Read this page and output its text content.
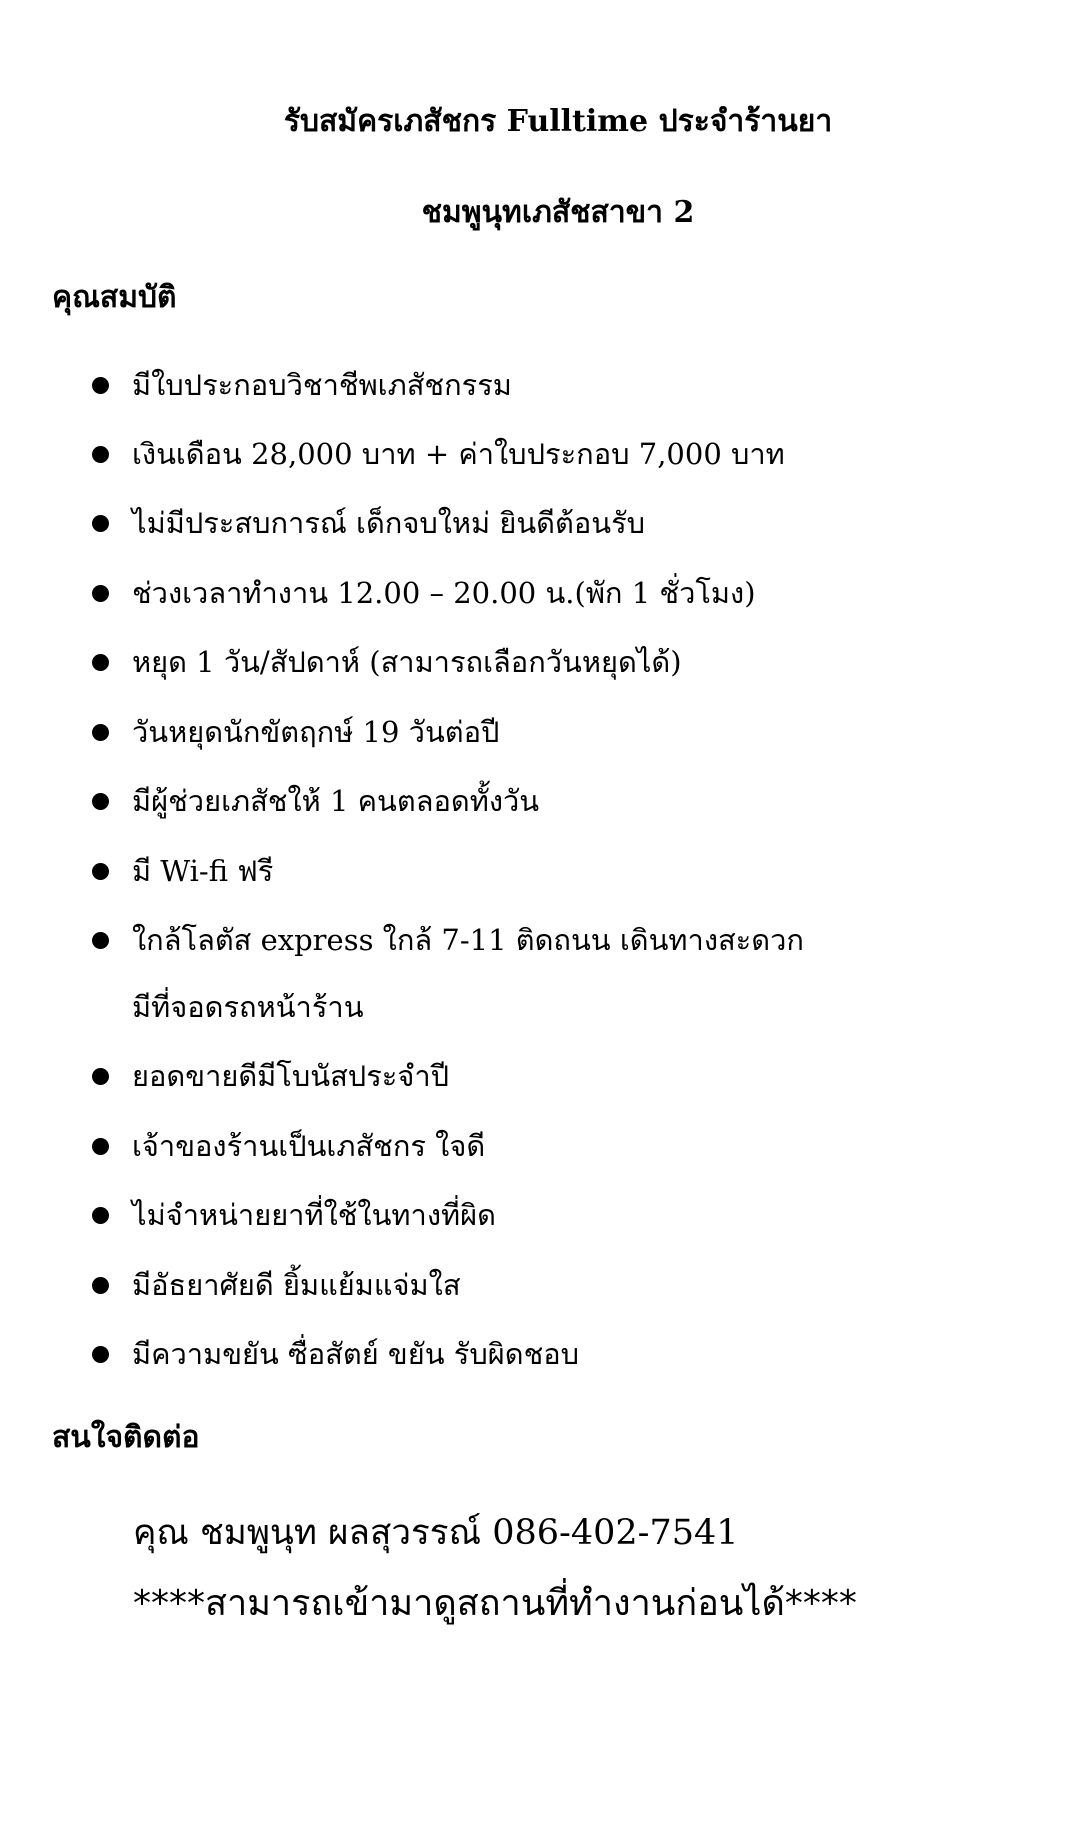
รับสมัครเภสัชกร Fulltime ประจำร้านยา
ชมพูนุทเภสัชสาขา 2
คุณสมบัติ
มีใบประกอบวิชาชีพเภสัชกรรม
เงินเดือน 28,000 บาท + ค่าใบประกอบ 7,000 บาท
ไม่มีประสบการณ์ เด็กจบใหม่ ยินดีต้อนรับ
ช่วงเวลาทำงาน 12.00 – 20.00 น.(พัก 1 ชั่วโมง)
หยุด 1 วัน/สัปดาห์ (สามารถเลือกวันหยุดได้)
วันหยุดนักขัตฤกษ์ 19 วันต่อปี
มีผู้ช่วยเภสัชให้ 1 คนตลอดทั้งวัน
มี Wi-fi ฟรี
ใกล้โลตัส express ใกล้ 7-11 ติดถนน เดินทางสะดวก
มีที่จอดรถหน้าร้าน
ยอดขายดีมีโบนัสประจำปี
เจ้าของร้านเป็นเภสัชกร ใจดี
ไม่จำหน่ายยาที่ใช้ในทางที่ผิด
มีอัธยาศัยดี ยิ้มแย้มแจ่มใส
มีความขยัน ซื่อสัตย์ ขยัน รับผิดชอบ
สนใจติดต่อ
คุณ ชมพูนุท ผลสุวรรณ์ 086-402-7541
****สามารถเข้ามาดูสถานที่ทำงานก่อนได้****
